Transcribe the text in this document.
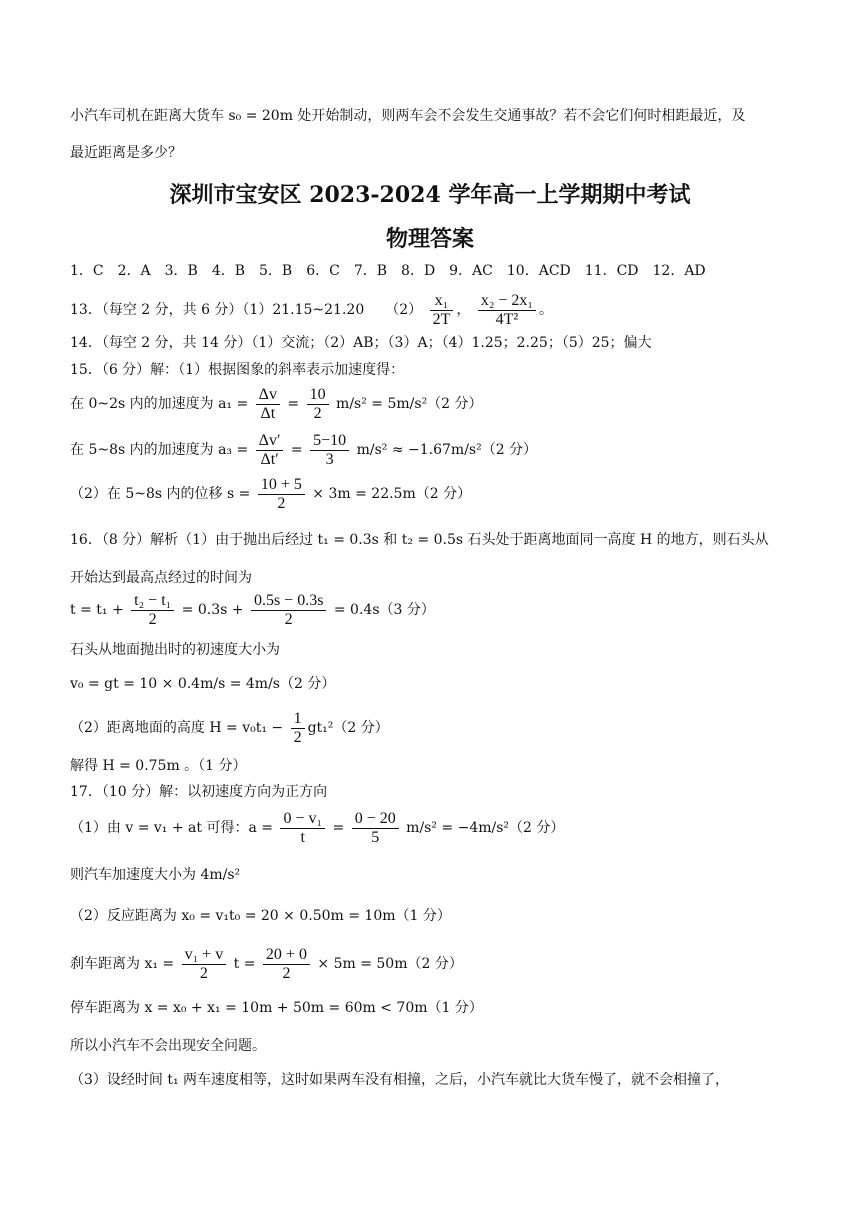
小汽车司机在距离大货车 s₀ = 20m 处开始制动，则两车会不会发生交通事故？若不会它们何时相距最近，及
最近距离是多少？
深圳市宝安区 2023-2024 学年高一上学期期中考试
物理答案
1．C　2．A　3．B　4．B　5．B　6．C　7．B　8．D　9．AC　10．ACD　11．CD　12．AD
13．（每空 2 分，共 6 分）（1）21.15~21.20　　$(2) \frac{\text{x₁}}{2T}$ ， $\frac{\text{x₂ − 2x₁}}{\text{4T²}}$ 。
14．（每空 2 分，共 14 分）（1）交流；（2）AB；（3）A；（4）1.25；2.25；（5）25；偏大
15．（6 分）解：（1）根据图象的斜率表示加速度得：
在 0~2s 内的加速度为 $a_1 = \frac{\Delta v}{\Delta t} = \frac{10}{2} m/s^2 = 5m/s^2(2$ 分）
在 5~8s 内的加速度为 $a_3 = \frac{\Delta v'}{\Delta t'} = \frac{5-10}{3} m/s^2 \approx -1.67m/s^2(2$ 分）
（2）在 5~8s 内的位移 $s = \frac{10 + 5}{2} \times 3m = 22.5m(2$ 分）
16．（8 分）解析（1）由于抛出后经过 t₁ = 0.3s 和 t₂ = 0.5s 石头处于距离地面同一高度 H 的地方，则石头从
开始达到最高点经过的时间为
$t = t_1 + \frac{\text{t₂ − t₁}}{2} = 0.3s + \frac{0.5s - 0.3s}{2} = 0.4s(3$ 分）
石头从地面抛出时的初速度大小为
v₀ = gt = 10 × 0.4m/s = 4m/s（2 分）
（2）距离地面的高度 $H = v_0t_1 - \frac{1}{2} gt_1^2(2$ 分）
解得 H = 0.75m 。（1 分）
17．（10 分）解：以初速度方向为正方向
（1）由 v = v₁ + at 可得：$a = \frac{\text{0 − v₁}}{t} = \frac{0 - 20}{5} m/s^2 = -4m/s^2(2$ 分）
则汽车加速度大小为 4m/s²
（2）反应距离为 x₀ = v₁t₀ = 20 × 0.50m = 10m（1 分）
刹车距离为 $x_1 = \frac{\text{v₁ + v}}{2}$ $t = \frac{20 + 0}{2} \times 5m = 50m(2$ 分）
停车距离为 x = x₀ + x₁ = 10m + 50m = 60m < 70m（1 分）
所以小汽车不会出现安全问题。
（3）设经时间 t₁ 两车速度相等，这时如果两车没有相撞，之后，小汽车就比大货车慢了，就不会相撞了，
